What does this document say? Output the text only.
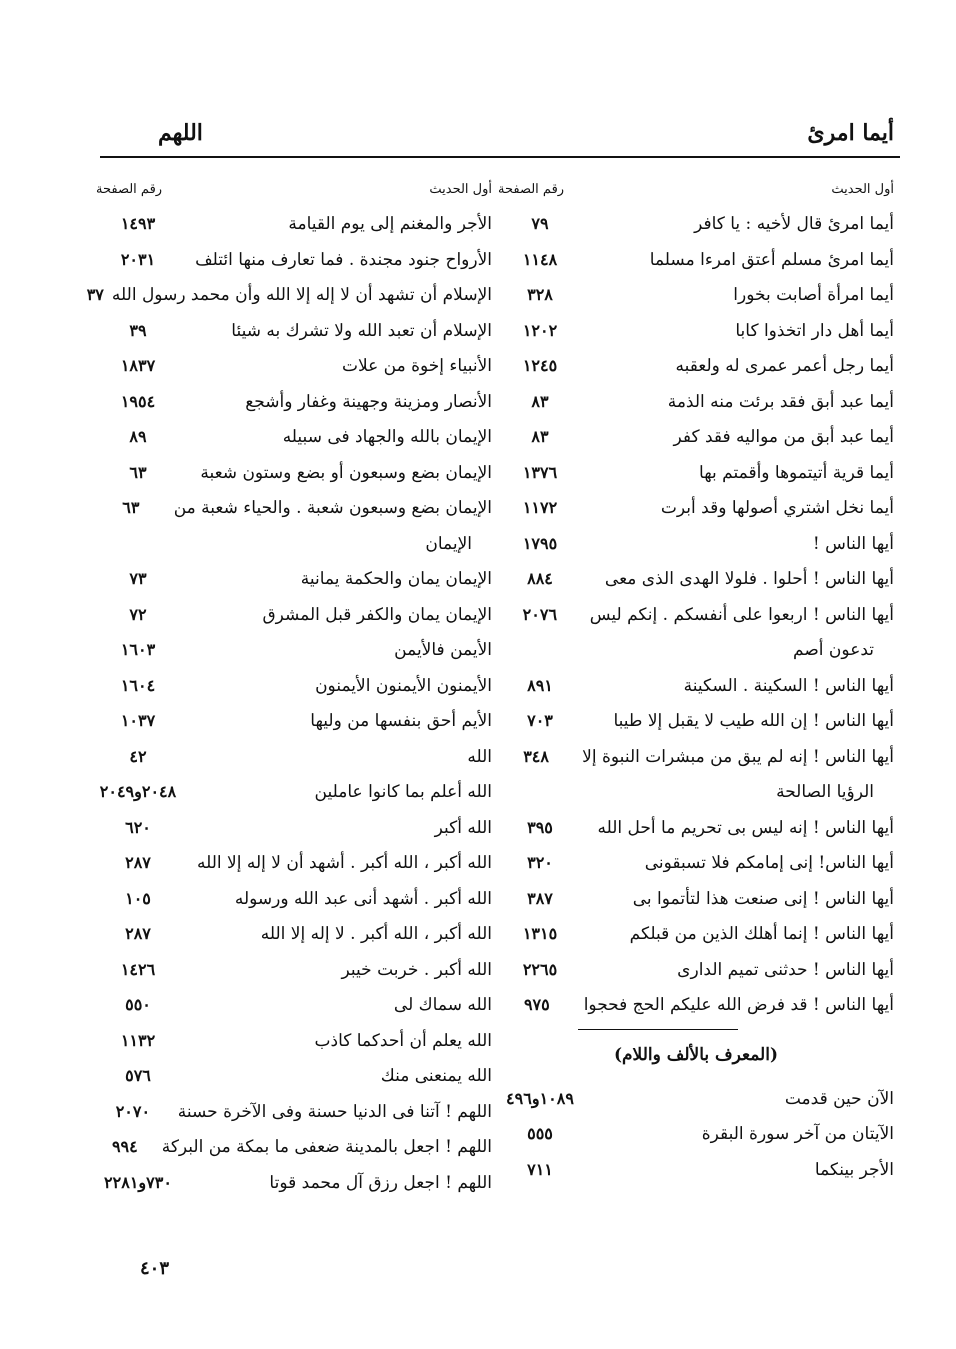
أيما امرئ
اللهم
أول الحديث
رقم الصفحة
أيما امرئ قال لأخيه : يا كافر
٧٩
أيما امرئ مسلم أعتق امرءا مسلما
١١٤٨
أيما امرأة أصابت بخورا
٣٢٨
أيما أهل دار اتخذوا كابا
١٢٠٢
أيما رجل أعمر عمرى له ولعقبه
١٢٤٥
أيما عبد أبق فقد برئت منه الذمة
٨٣
أيما عبد أبق من مواليه فقد كفر
٨٣
أيما قرية أتيتموها وأقمتم بها
١٣٧٦
أيما نخل اشتري أصولها وقد أبرت
١١٧٢
أيها الناس !
١٧٩٥
أيها الناس ! أحلوا . فلولا الهدى الذى معى
٨٨٤
أيها الناس ! اربعوا على أنفسكم . إنكم ليس
٢٠٧٦
تدعون أصم
أيها الناس ! السكينة . السكينة
٨٩١
أيها الناس ! إن الله طيب لا يقبل إلا طيبا
٧٠٣
أيها الناس ! إنه لم يبق من مبشرات النبوة إلا
٣٤٨
الرؤيا الصالحة
أيها الناس ! إنه ليس بى تحريم ما أحل الله
٣٩٥
أيها الناس! إنى إمامكم فلا تسبقونى
٣٢٠
أيها الناس ! إنى صنعت هذا لتأتموا بى
٣٨٧
أيها الناس ! إنما أهلك الذين من قبلكم
١٣١٥
أيها الناس ! حدثنى تميم الدارى
٢٢٦٥
أيها الناس ! قد فرض الله عليكم الحج فحجوا
٩٧٥
(المعرف بالألف واللام)
الآن حين قدمت
١٠٨٩و٤٩٦
الآيتان من آخر سورة البقرة
٥٥٥
الأجر بينكما
٧١١
أول الحديث
رقم الصفحة
الأجر والمغنم إلى يوم القيامة
١٤٩٣
الأرواح جنود مجندة . فما تعارف منها ائتلف
٢٠٣١
الإسلام أن تشهد أن لا إله إلا الله وأن محمد رسول الله
٣٧
الإسلام أن تعبد الله ولا تشرك به شيئا
٣٩
الأنبياء إخوة من علات
١٨٣٧
الأنصار ومزينة وجهينة وغفار وأشجع
١٩٥٤
الإيمان بالله والجهاد فى سبيله
٨٩
الإيمان بضع وسبعون أو بضع وستون شعبة
٦٣
الإيمان بضع وسبعون شعبة . والحياء شعبة من
٦٣
الإيمان
الإيمان يمان والحكمة يمانية
٧٣
الإيمان يمان والكفر قبل المشرق
٧٢
الأيمن فالأيمن
١٦٠٣
الأيمنون الأيمنون الأيمنون
١٦٠٤
الأيم أحق بنفسها من وليها
١٠٣٧
الله
٤٢
الله أعلم بما كانوا عاملين
٢٠٤٨و٢٠٤٩
الله أكبر
٦٢٠
الله أكبر ، الله أكبر . أشهد أن لا إله إلا الله
٢٨٧
الله أكبر . أشهد أنى عبد الله ورسوله
١٠٥
الله أكبر ، الله أكبر . لا إله إلا الله
٢٨٧
الله أكبر . خربت خيبر
١٤٢٦
الله سماك لى
٥٥٠
الله يعلم أن أحدكما كاذب
١١٣٢
الله يمنعنى منك
٥٧٦
اللهم ! آتنا فى الدنيا حسنة وفى الآخرة حسنة
٢٠٧٠
اللهم ! اجعل بالمدينة ضعفى ما بمكة من البركة
٩٩٤
اللهم ! اجعل رزق آل محمد قوتا
٧٣٠و٢٢٨١
٤٠٣
